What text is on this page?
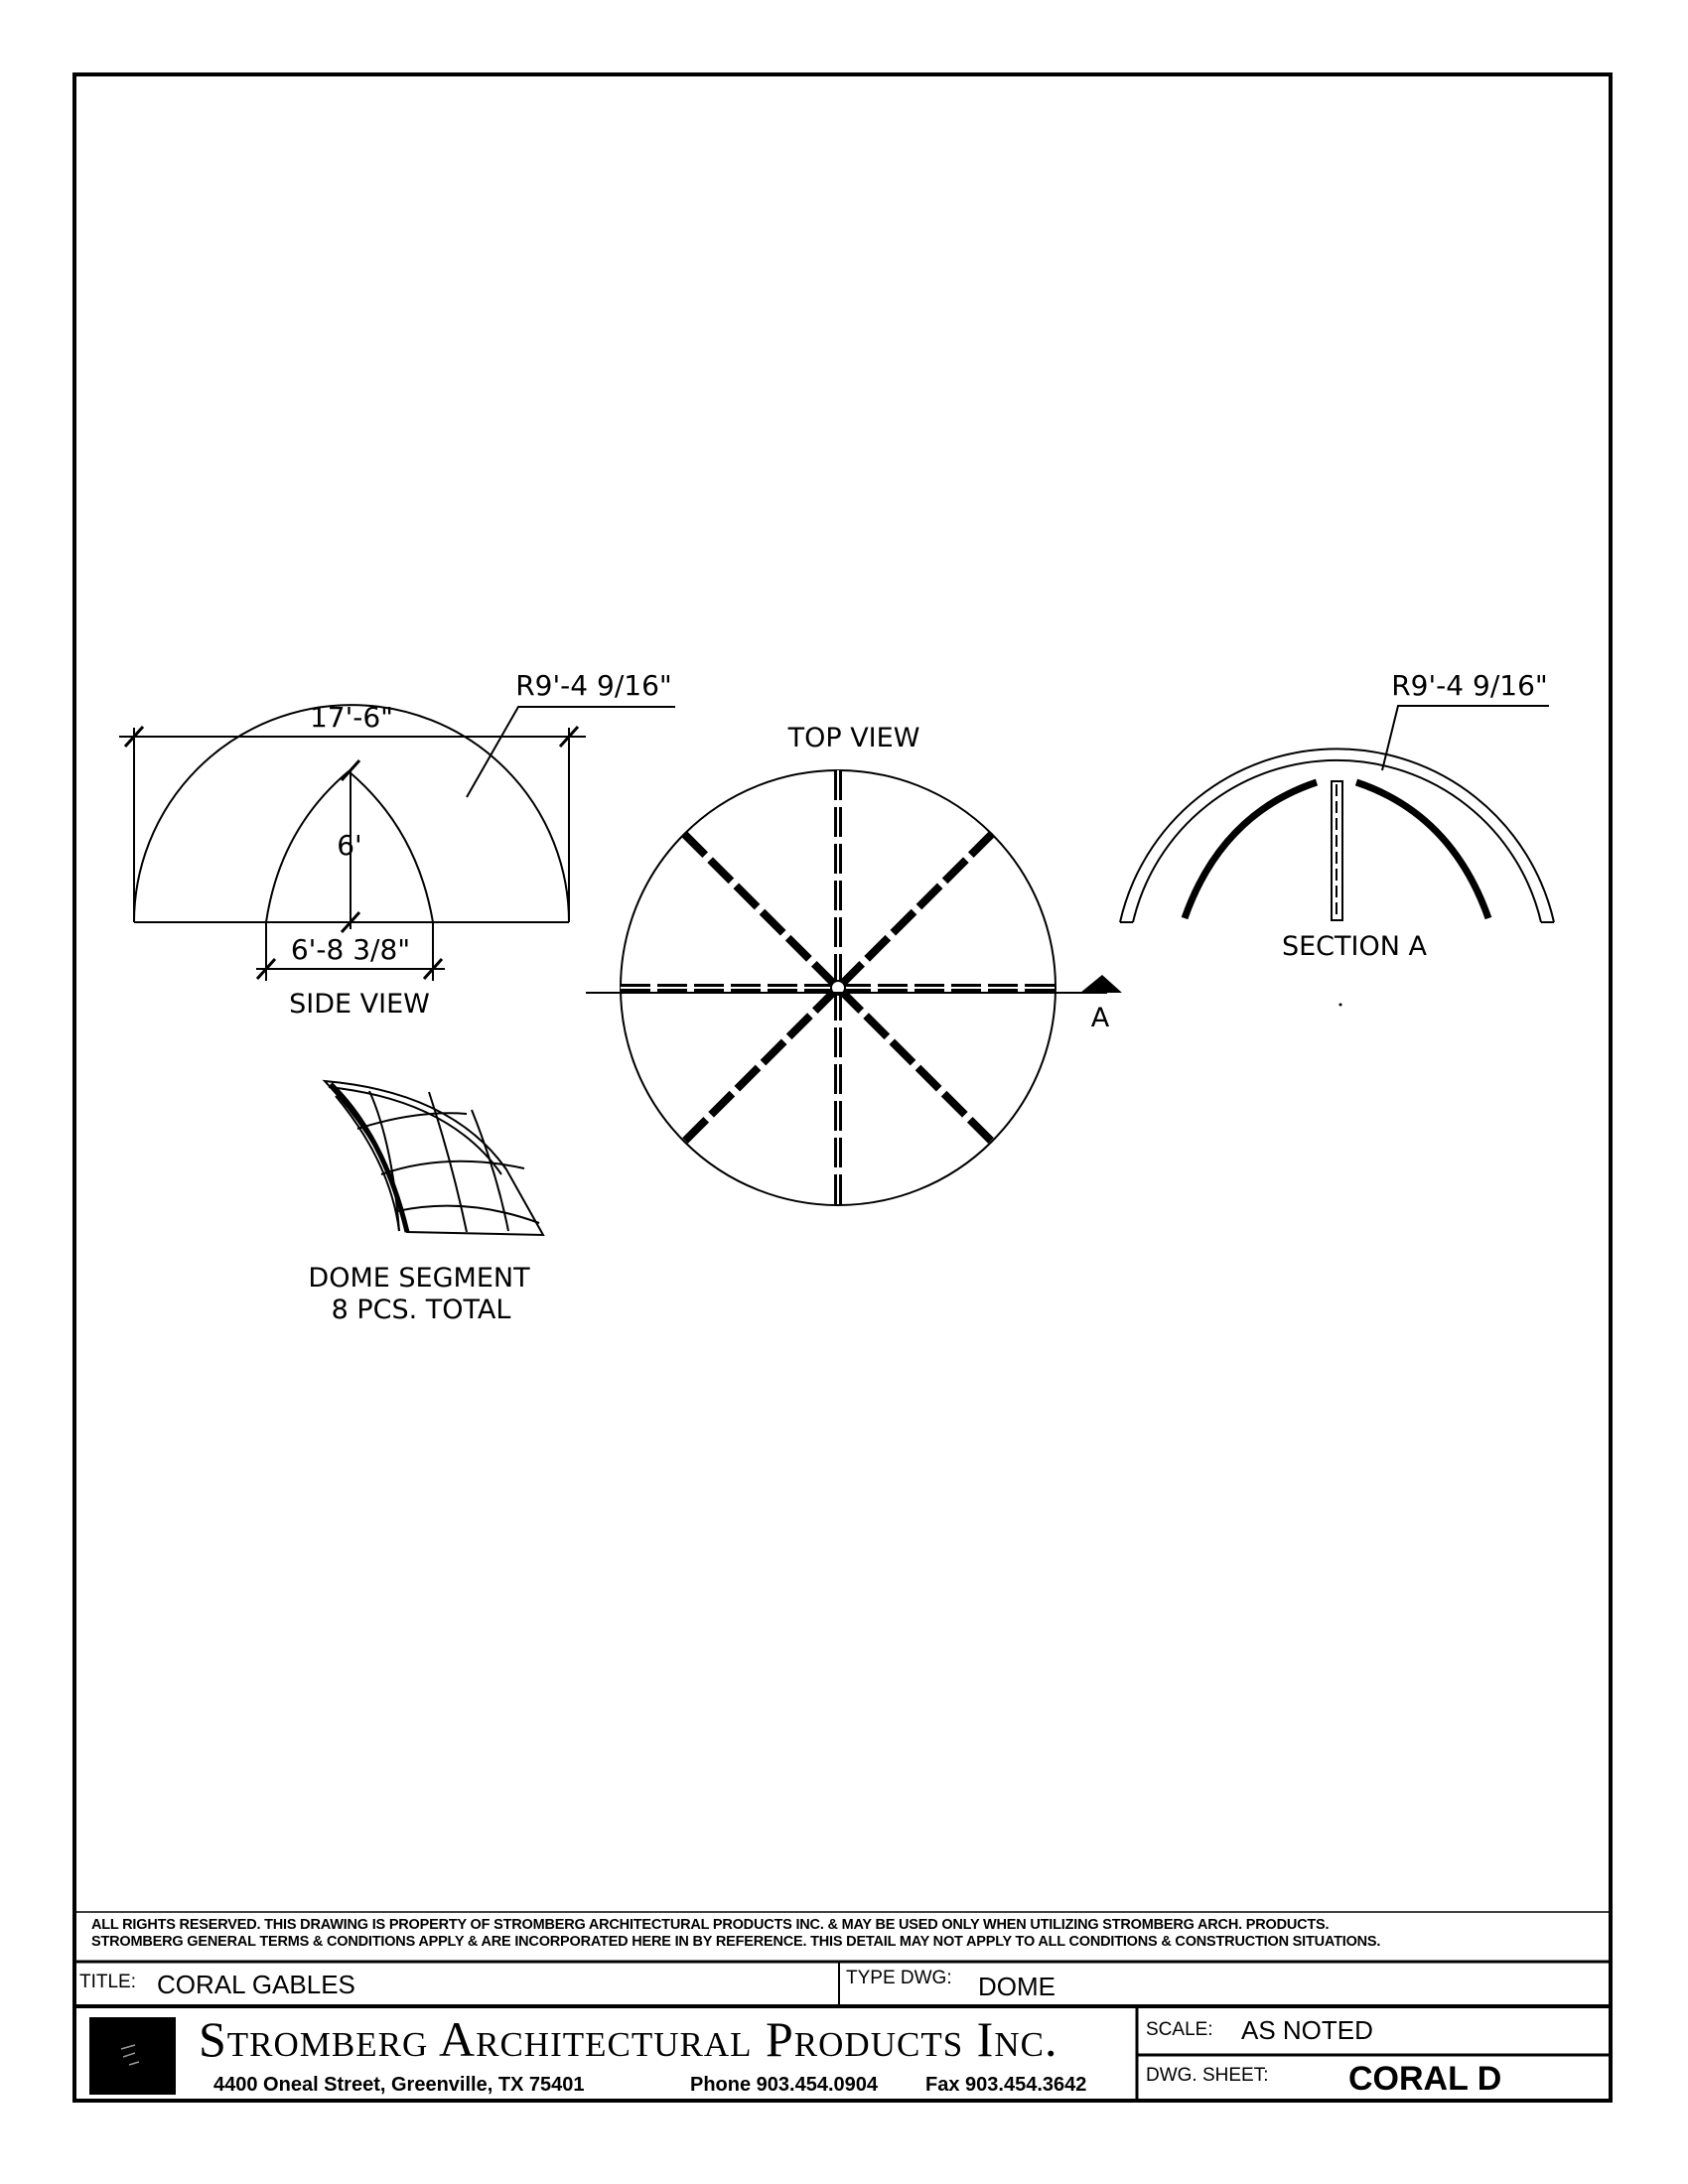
17'-6"
6'
6'-8 3/8"
R9'-4 9/16"
SIDE VIEW	A
TOP VIEW
R9'-4 9/16"
SECTION A
DOME SEGMENT
8 PCS. TOTAL
ALL RIGHTS RESERVED. THIS DRAWING IS PROPERTY OF STROMBERG ARCHITECTURAL PRODUCTS INC. & MAY BE USED ONLY WHEN UTILIZING STROMBERG ARCH. PRODUCTS.
STROMBERG GENERAL TERMS & CONDITIONS APPLY & ARE INCORPORATED HERE IN BY REFERENCE. THIS DETAIL MAY NOT APPLY TO ALL CONDITIONS & CONSTRUCTION SITUATIONS.
TITLE: CORAL GABLES	TYPE DWG: DOME
Stromberg Architectural Products Inc.
4400 Oneal Street, Greenville, TX 75401	Phone 903.454.0904 Fax 903.454.3642
SCALE: AS NOTED
DWG. SHEET: CORAL D
